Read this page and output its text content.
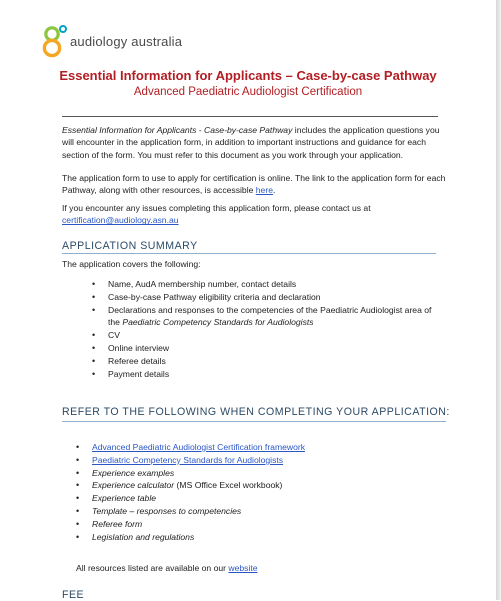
audiology australia
Essential Information for Applicants – Case-by-case Pathway
Advanced Paediatric Audiologist Certification

Essential Information for Applicants - Case-by-case Pathway includes the application questions you will encounter in the application form, in addition to important instructions and guidance for each section of the form. You must refer to this document as you work through your application.

The application form to use to apply for certification is online. The link to the application form for each Pathway, along with other resources, is accessible here.

If you encounter any issues completing this application form, please contact us at certification@audiology.asn.au

APPLICATION SUMMARY

The application covers the following:

• Name, AudA membership number, contact details
• Case-by-case Pathway eligibility criteria and declaration
• Declarations and responses to the competencies of the Paediatric Audiologist area of
the Paediatric Competency Standards for Audiologists
• CV
• Online interview
• Referee details
• Payment details
REFER TO THE FOLLOWING WHEN COMPLETING YOUR APPLICATION:
• Advanced Paediatric Audiologist Certification framework
• Paediatric Competency Standards for Audiologists
• Experience examples
• Experience calculator (MS Office Excel workbook)
• Experience table
• Template – responses to competencies
• Referee form
• Legislation and regulations

All resources listed are available on our website

FEE
